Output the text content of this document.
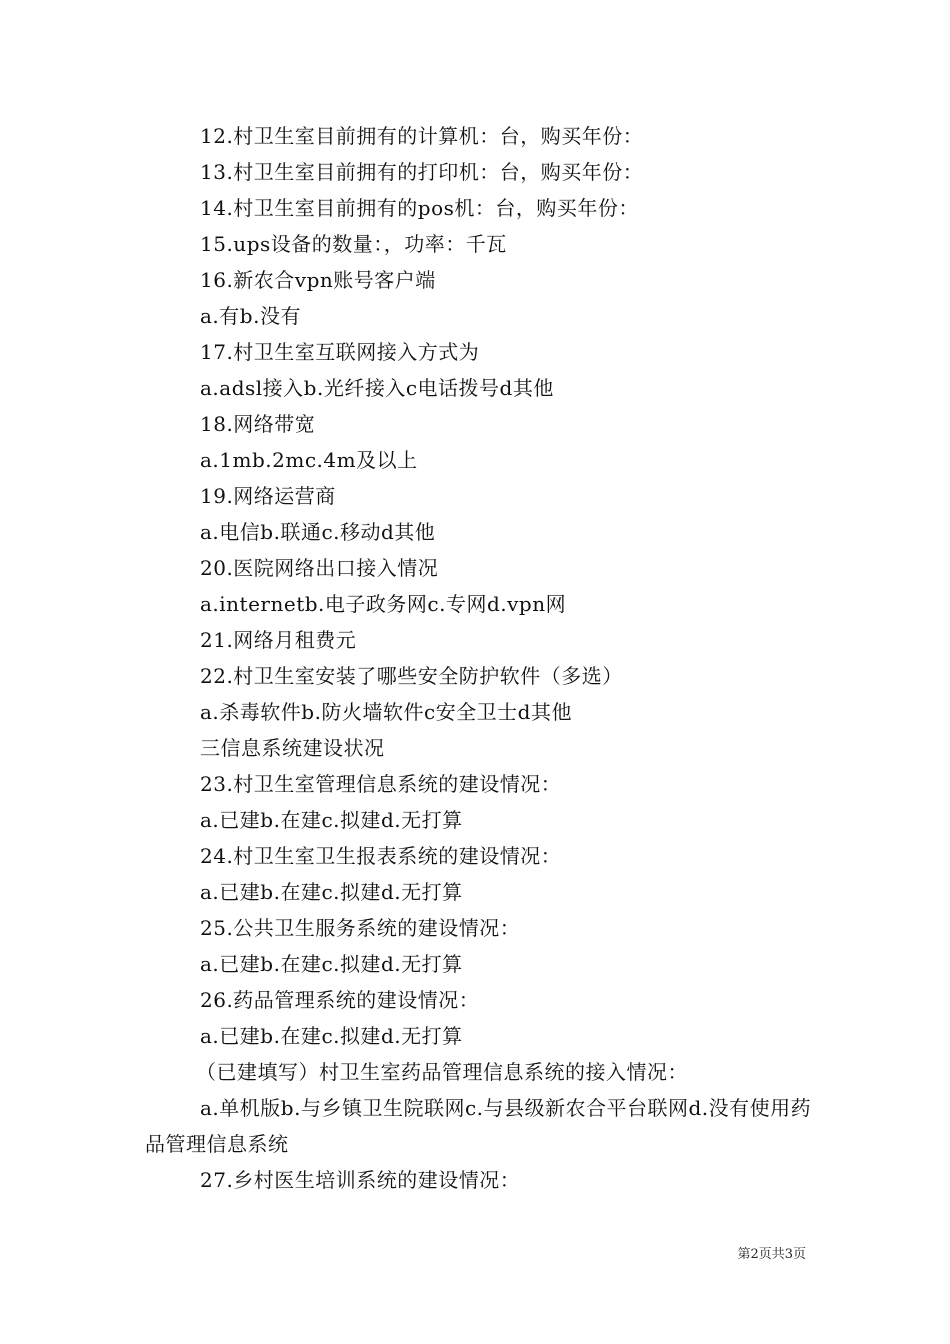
12.村卫生室目前拥有的计算机：台，购买年份：
13.村卫生室目前拥有的打印机：台，购买年份：
14.村卫生室目前拥有的pos机：台，购买年份：
15.ups设备的数量：，功率：千瓦
16.新农合vpn账号客户端
a.有b.没有
17.村卫生室互联网接入方式为
a.adsl接入b.光纤接入c电话拨号d其他
18.网络带宽
a.1mb.2mc.4m及以上
19.网络运营商
a.电信b.联通c.移动d其他
20.医院网络出口接入情况
a.internetb.电子政务网c.专网d.vpn网
21.网络月租费元
22.村卫生室安装了哪些安全防护软件（多选）
a.杀毒软件b.防火墙软件c安全卫士d其他
三信息系统建设状况
23.村卫生室管理信息系统的建设情况：
a.已建b.在建c.拟建d.无打算
24.村卫生室卫生报表系统的建设情况：
a.已建b.在建c.拟建d.无打算
25.公共卫生服务系统的建设情况：
a.已建b.在建c.拟建d.无打算
26.药品管理系统的建设情况：
a.已建b.在建c.拟建d.无打算
（已建填写）村卫生室药品管理信息系统的接入情况：
a.单机版b.与乡镇卫生院联网c.与县级新农合平台联网d.没有使用药品管理信息系统
27.乡村医生培训系统的建设情况：
第2页共3页
